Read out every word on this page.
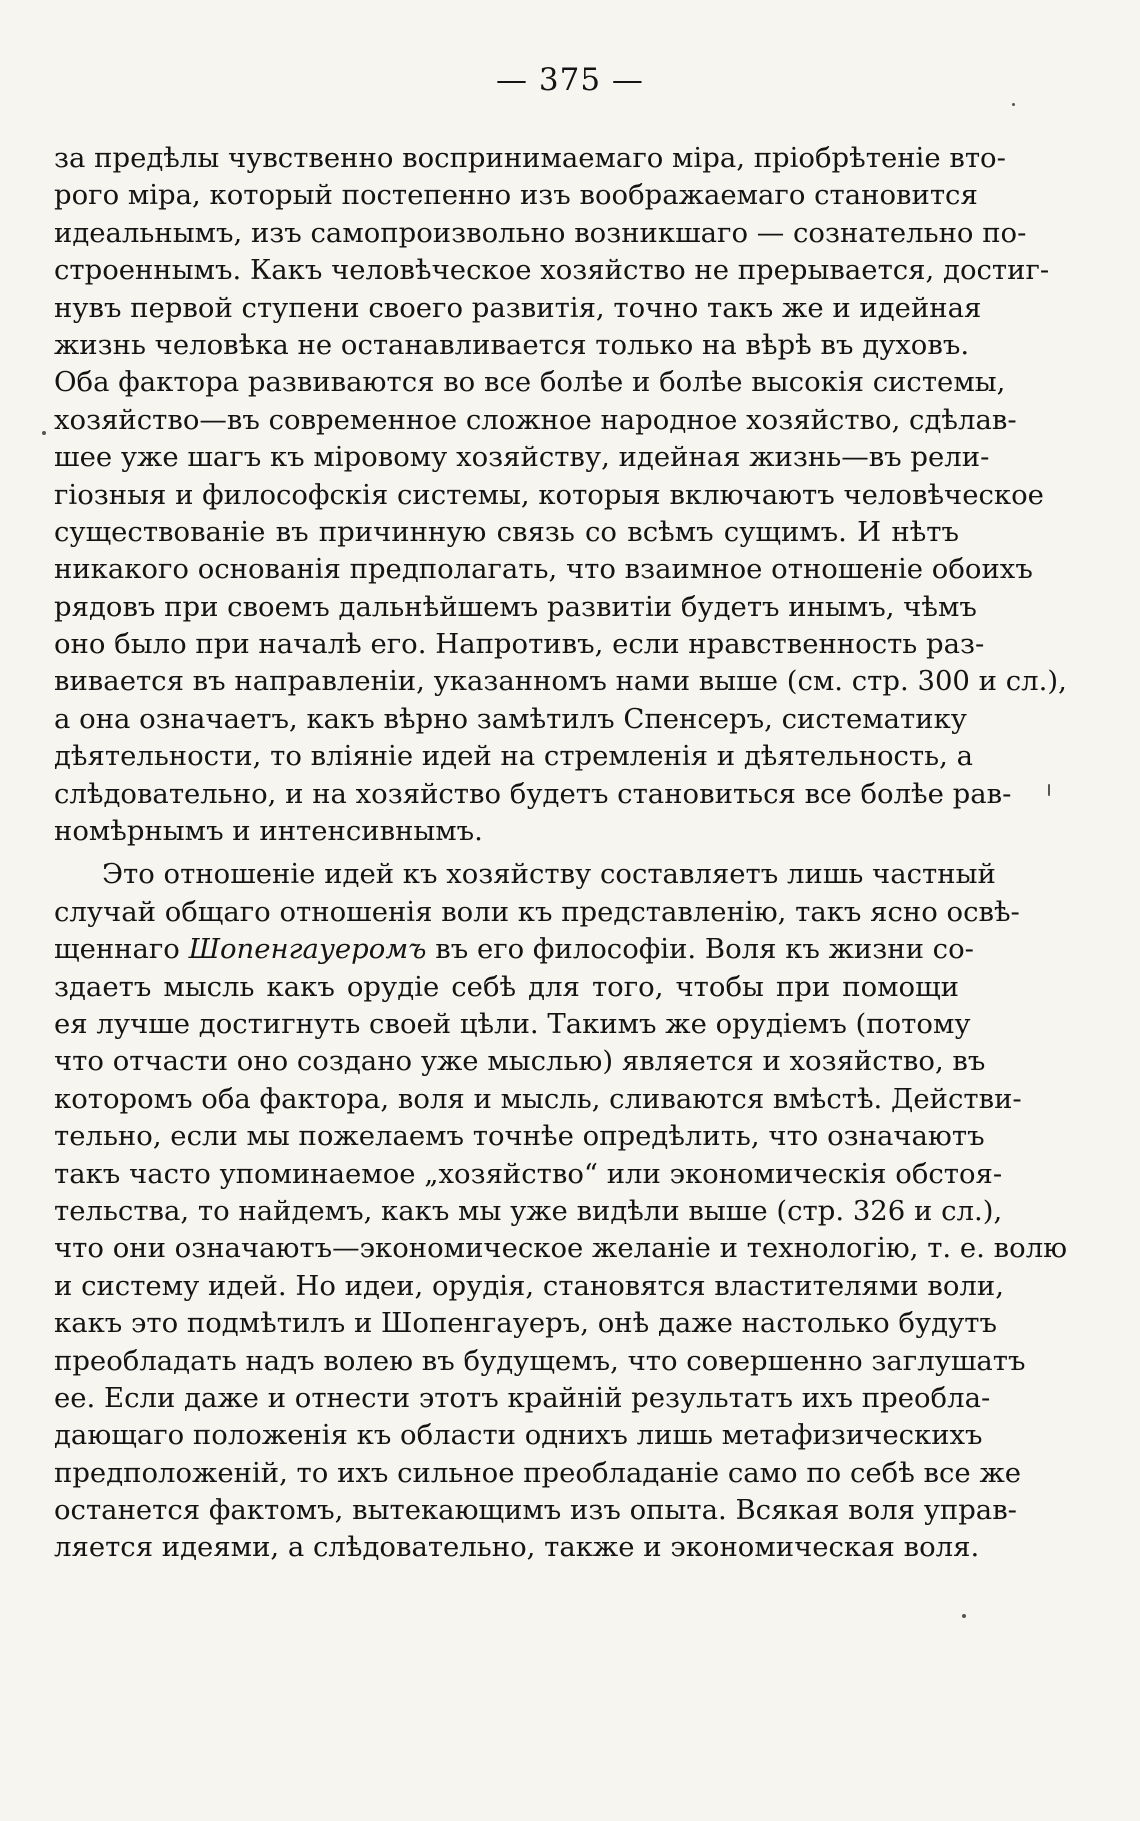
— 375 —
за предѣлы чувственно воспринимаемаго міра, пріобрѣтеніе вто-
рого міра, который постепенно изъ воображаемаго становится
идеальнымъ, изъ самопроизвольно возникшаго — сознательно по-
строеннымъ. Какъ человѣческое хозяйство не прерывается, достиг-
нувъ первой ступени своего развитія, точно такъ же и идейная
жизнь человѣка не останавливается только на вѣрѣ въ духовъ.
Оба фактора развиваются во все болѣе и болѣе высокія системы,
хозяйство—въ современное сложное народное хозяйство, сдѣлав-
шее уже шагъ къ міровому хозяйству, идейная жизнь—въ рели-
гіозныя и философскія системы, которыя включаютъ человѣческое
существованіе въ причинную связь со всѣмъ сущимъ. И нѣтъ
никакого основанія предполагать, что взаимное отношеніе обоихъ
рядовъ при своемъ дальнѣйшемъ развитіи будетъ инымъ, чѣмъ
оно было при началѣ его. Напротивъ, если нравственность раз-
вивается въ направленіи, указанномъ нами выше (см. стр. 300 и сл.),
а она означаетъ, какъ вѣрно замѣтилъ Спенсеръ, систематику
дѣятельности, то вліяніе идей на стремленія и дѣятельность, а
слѣдовательно, и на хозяйство будетъ становиться все болѣе рав-
номѣрнымъ и интенсивнымъ.
Это отношеніе идей къ хозяйству составляетъ лишь частный
случай общаго отношенія воли къ представленію, такъ ясно освѣ-
щеннаго Шопенгауеромъ въ его философіи. Воля къ жизни со-
здаетъ мысль какъ орудіе себѣ для того, чтобы при помощи
ея лучше достигнуть своей цѣли. Такимъ же орудіемъ (потому
что отчасти оно создано уже мыслью) является и хозяйство, въ
которомъ оба фактора, воля и мысль, сливаются вмѣстѣ. Действи-
тельно, если мы пожелаемъ точнѣе опредѣлить, что означаютъ
такъ часто упоминаемое „хозяйство“ или экономическія обстоя-
тельства, то найдемъ, какъ мы уже видѣли выше (стр. 326 и сл.),
что они означаютъ—экономическое желаніе и технологію, т. е. волю
и систему идей. Но идеи, орудія, становятся властителями воли,
какъ это подмѣтилъ и Шопенгауеръ, онѣ даже настолько будутъ
преобладать надъ волею въ будущемъ, что совершенно заглушатъ
ее. Если даже и отнести этотъ крайній результатъ ихъ преобла-
дающаго положенія къ области однихъ лишь метафизическихъ
предположеній, то ихъ сильное преобладаніе само по себѣ все же
останется фактомъ, вытекающимъ изъ опыта. Всякая воля управ-
ляется идеями, а слѣдовательно, также и экономическая воля.
